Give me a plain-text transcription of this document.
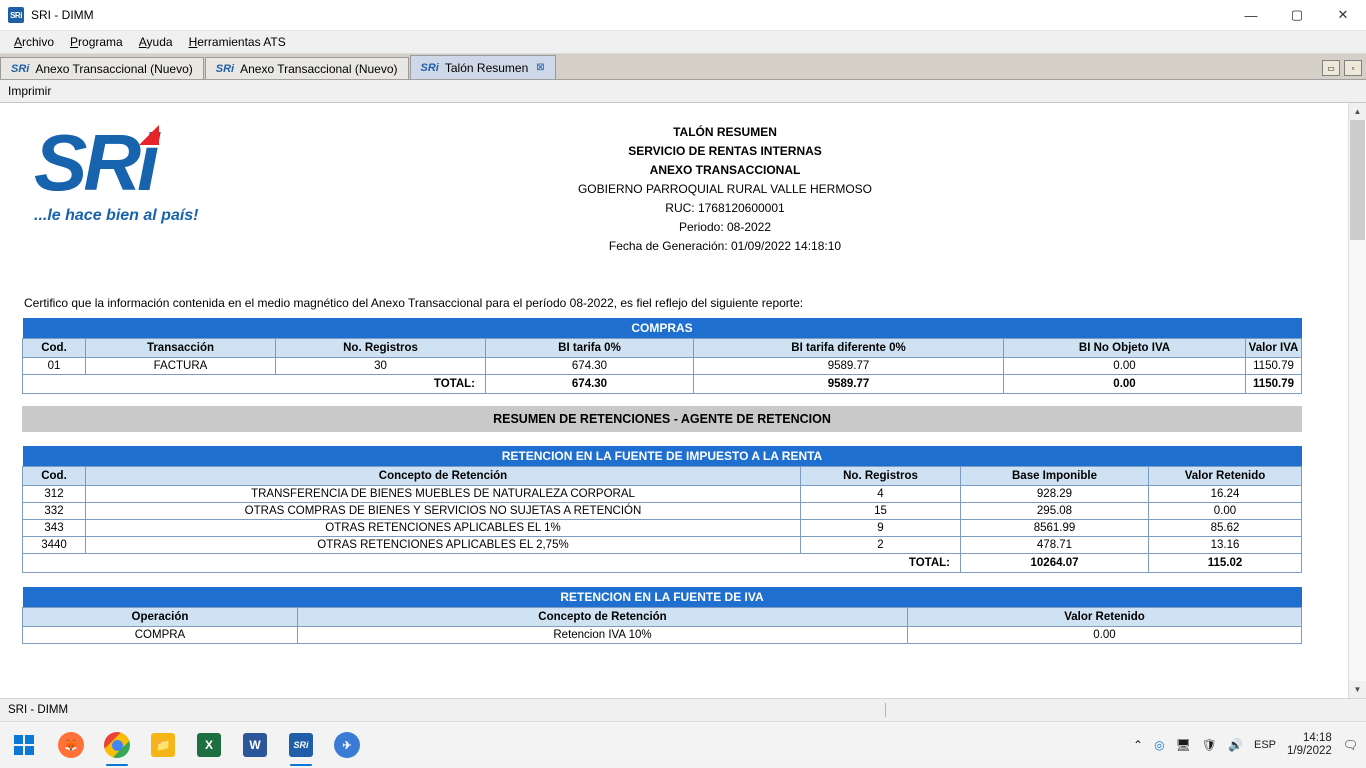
SRi SRI - DIMM	—	▢	✕
Archivo	Programa	Ayuda	Herramientas ATS
SRi Anexo Transaccional (Nuevo) SRi Anexo Transaccional (Nuevo) SRi Talón Resumen ⊠	▭	▫
Imprimir
SRi
...le hace bien al país!
TALÓN RESUMEN
SERVICIO DE RENTAS INTERNAS
ANEXO TRANSACCIONAL
GOBIERNO PARROQUIAL RURAL VALLE HERMOSO
RUC: 1768120600001
Periodo: 08-2022
Fecha de Generación: 01/09/2022 14:18:10
Certifico que la información contenida en el medio magnético del Anexo Transaccional para el período 08-2022, es fiel reflejo del siguiente reporte:
COMPRAS						
Cod.	Transacción	No. Registros	BI tarifa 0%	BI tarifa diferente 0%	BI No Objeto IVA	Valor IVA
01	FACTURA	30	674.30	9589.77	0.00	1150.79
TOTAL:			674.30	9589.77	0.00	1150.79
RESUMEN DE RETENCIONES - AGENTE DE RETENCION
RETENCION EN LA FUENTE DE IMPUESTO A LA RENTA				
Cod.	Concepto de Retención	No. Registros	Base Imponible	Valor Retenido
312	TRANSFERENCIA DE BIENES MUEBLES DE NATURALEZA CORPORAL	4	928.29	16.24
332	OTRAS COMPRAS DE BIENES Y SERVICIOS NO SUJETAS A RETENCIÓN	15	295.08	0.00
343	OTRAS RETENCIONES APLICABLES EL 1%	9	8561.99	85.62
3440	OTRAS RETENCIONES APLICABLES EL 2,75%	2	478.71	13.16
TOTAL:			10264.07	115.02
RETENCION EN LA FUENTE DE IVA		
Operación	Concepto de Retención	Valor Retenido
COMPRA	Retencion IVA 10%	0.00
▲
▼
SRI - DIMM
🦊	📁	X	W	SRi	✈	⌃ ◎ 🖥 🛡 🔊 ESP
14:18
1/9/2022 🗨
